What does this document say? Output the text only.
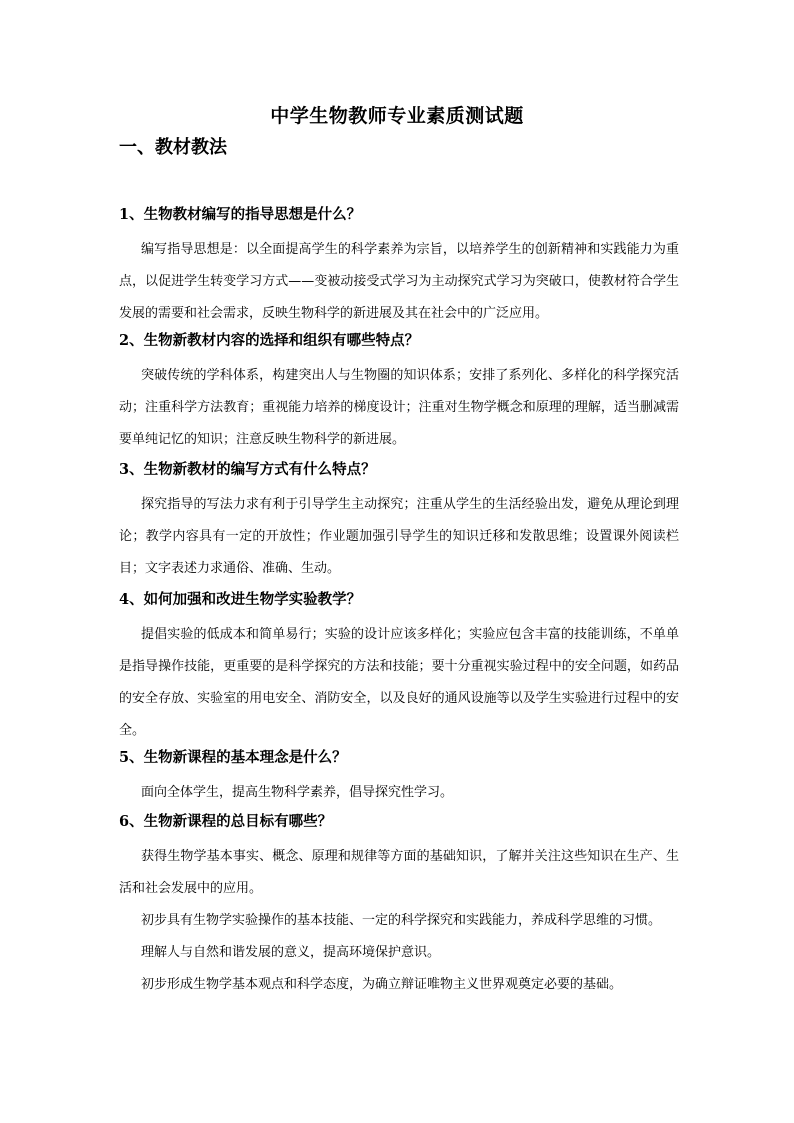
中学生物教师专业素质测试题
一、教材教法
1、生物教材编写的指导思想是什么？
编写指导思想是：以全面提高学生的科学素养为宗旨，以培养学生的创新精神和实践能力为重点，以促进学生转变学习方式——变被动接受式学习为主动探究式学习为突破口，使教材符合学生发展的需要和社会需求，反映生物科学的新进展及其在社会中的广泛应用。
2、生物新教材内容的选择和组织有哪些特点？
突破传统的学科体系，构建突出人与生物圈的知识体系；安排了系列化、多样化的科学探究活动；注重科学方法教育；重视能力培养的梯度设计；注重对生物学概念和原理的理解，适当删减需要单纯记忆的知识；注意反映生物科学的新进展。
3、生物新教材的编写方式有什么特点？
探究指导的写法力求有利于引导学生主动探究；注重从学生的生活经验出发，避免从理论到理论；教学内容具有一定的开放性；作业题加强引导学生的知识迁移和发散思维；设置课外阅读栏目；文字表述力求通俗、准确、生动。
4、如何加强和改进生物学实验教学？
提倡实验的低成本和简单易行；实验的设计应该多样化；实验应包含丰富的技能训练，不单单是指导操作技能，更重要的是科学探究的方法和技能；要十分重视实验过程中的安全问题，如药品的安全存放、实验室的用电安全、消防安全，以及良好的通风设施等以及学生实验进行过程中的安全。
5、生物新课程的基本理念是什么？
面向全体学生，提高生物科学素养，倡导探究性学习。
6、生物新课程的总目标有哪些？
获得生物学基本事实、概念、原理和规律等方面的基础知识，了解并关注这些知识在生产、生活和社会发展中的应用。
初步具有生物学实验操作的基本技能、一定的科学探究和实践能力，养成科学思维的习惯。
理解人与自然和谐发展的意义，提高环境保护意识。
初步形成生物学基本观点和科学态度，为确立辩证唯物主义世界观奠定必要的基础。
